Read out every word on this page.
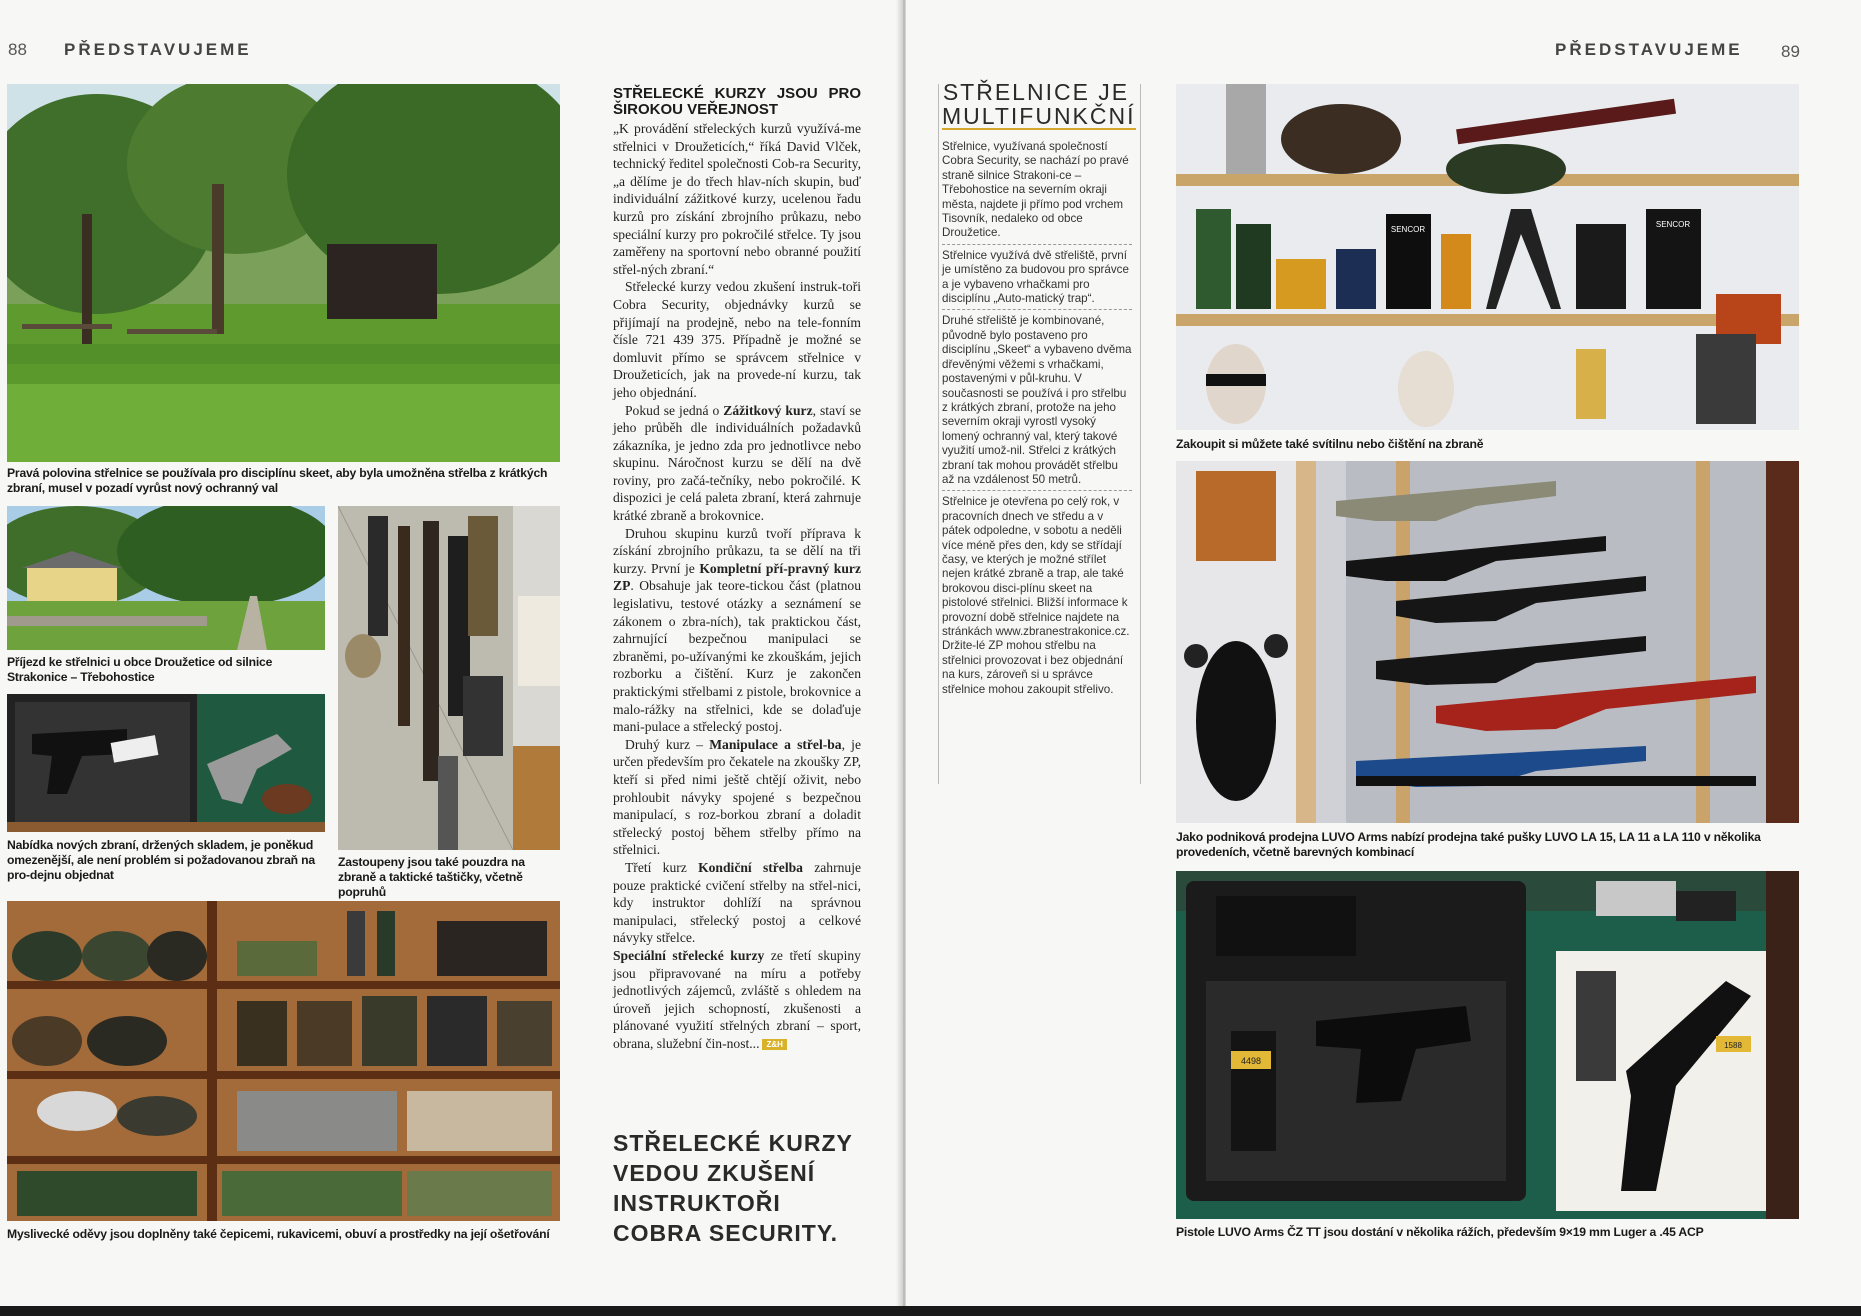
88 PŘEDSTAVUJEME
Pravá polovina střelnice se používala pro disciplínu skeet, aby byla umožněna střelba z krátkých zbraní, musel v pozadí vyrůst nový ochranný val
Příjezd ke střelnici u obce Droužetice od silnice Strakonice – Třebohostice
Nabídka nových zbraní, držených skladem, je poněkud omezenější, ale není problém si požadovanou zbraň na pro-dejnu objednat
Zastoupeny jsou také pouzdra na zbraně a taktické taštičky, včetně popruhů
Myslivecké oděvy jsou doplněny také čepicemi, rukavicemi, obuví a prostředky na její ošetřování
STŘELECKÉ KURZY JSOU PRO ŠIROKOU VEŘEJNOST

„K provádění střeleckých kurzů využívá-me střelnici v Droužeticích,“ říká David Vlček, technický ředitel společnosti Cob-ra Security, „a dělíme je do třech hlav-ních skupin, buď individuální zážitkové kurzy, ucelenou řadu kurzů pro získání zbrojního průkazu, nebo speciální kurzy pro pokročilé střelce. Ty jsou zaměřeny na sportovní nebo obranné použití střel-ných zbraní.“

Střelecké kurzy vedou zkušení instruk-toři Cobra Security, objednávky kurzů se přijímají na prodejně, nebo na tele-fonním čísle 721 439 375. Případně je možné se domluvit přímo se správcem střelnice v Droužeticích, jak na provede-ní kurzu, tak jeho objednání.

Pokud se jedná o Zážitkový kurz, staví se jeho průběh dle individuálních požadavků zákazníka, je jedno zda pro jednotlivce nebo skupinu. Náročnost kurzu se dělí na dvě roviny, pro začá-tečníky, nebo pokročilé. K dispozici je celá paleta zbraní, která zahrnuje krátké zbraně a brokovnice.

Druhou skupinu kurzů tvoří příprava k získání zbrojního průkazu, ta se dělí na tři kurzy. První je Kompletní pří-pravný kurz ZP. Obsahuje jak teore-tickou část (platnou legislativu, testové otázky a seznámení se zákonem o zbra-ních), tak praktickou část, zahrnující bezpečnou manipulaci se zbraněmi, po-užívanými ke zkouškám, jejich rozborku a čištění. Kurz je zakončen praktickými střelbami z pistole, brokovnice a malo-rážky na střelnici, kde se dolaďuje mani-pulace a střelecký postoj.

Druhý kurz – Manipulace a střel-ba, je určen především pro čekatele na zkoušky ZP, kteří si před nimi ještě chtějí oživit, nebo prohloubit návyky spojené s bezpečnou manipulací, s roz-borkou zbraní a doladit střelecký postoj během střelby přímo na střelnici.

Třetí kurz Kondiční střelba zahrnuje pouze praktické cvičení střelby na střel-nici, kdy instruktor dohlíží na správnou manipulaci, střelecký postoj a celkové návyky střelce.

Speciální střelecké kurzy ze třetí skupiny jsou připravované na míru a potřeby jednotlivých zájemců, zvláště s ohledem na úroveň jejich schopností, zkušenosti a plánované využití střelných zbraní – sport, obrana, služební čin-nost... Z&H

STŘELECKÉ KURZY VEDOU ZKUŠENÍ INSTRUKTOŘI COBRA SECURITY.
PŘEDSTAVUJEME 89
STŘELNICE JE
MULTIFUNKČNÍ
Střelnice, využívaná společností Cobra Security, se nachází po pravé straně silnice Strakoni-ce – Třebohostice na severním okraji města, najdete ji přímo pod vrchem Tisovník, nedaleko od obce Droužetice.
Střelnice využívá dvě střeliště, první je umístěno za budovou pro správce a je vybaveno vrhačkami pro disciplínu „Auto-matický trap“.
Druhé střeliště je kombinované, původně bylo postaveno pro disciplínu „Skeet“ a vybaveno dvěma dřevěnými věžemi s vrhačkami, postavenými v půl-kruhu. V současnosti se používá i pro střelbu z krátkých zbraní, protože na jeho severním okraji vyrostl vysoký lomený ochranný val, který takové využití umož-nil. Střelci z krátkých zbraní tak mohou provádět střelbu až na vzdálenost 50 metrů.
Střelnice je otevřena po celý rok, v pracovních dnech ve středu a v pátek odpoledne, v sobotu a neděli více méně přes den, kdy se střídají časy, ve kterých je možné střílet nejen krátké zbraně a trap, ale také brokovou disci-plínu skeet na pistolové střelnici. Bližší informace k provozní době střelnice najdete na stránkách www.zbranestrakonice.cz. Držite-lé ZP mohou střelbu na střelnici provozovat i bez objednání na kurs, zároveň si u správce střelnice mohou zakoupit střelivo.
SENCOR
SENCOR
Zakoupit si můžete také svítilnu nebo čištění na zbraně
Jako podniková prodejna LUVO Arms nabízí prodejna také pušky LUVO LA 15, LA 11 a LA 110 v několika provedeních, včetně barevných kombinací
4498
1588
Pistole LUVO Arms ČZ TT jsou dostání v několika rážích, především 9×19 mm Luger a .45 ACP
